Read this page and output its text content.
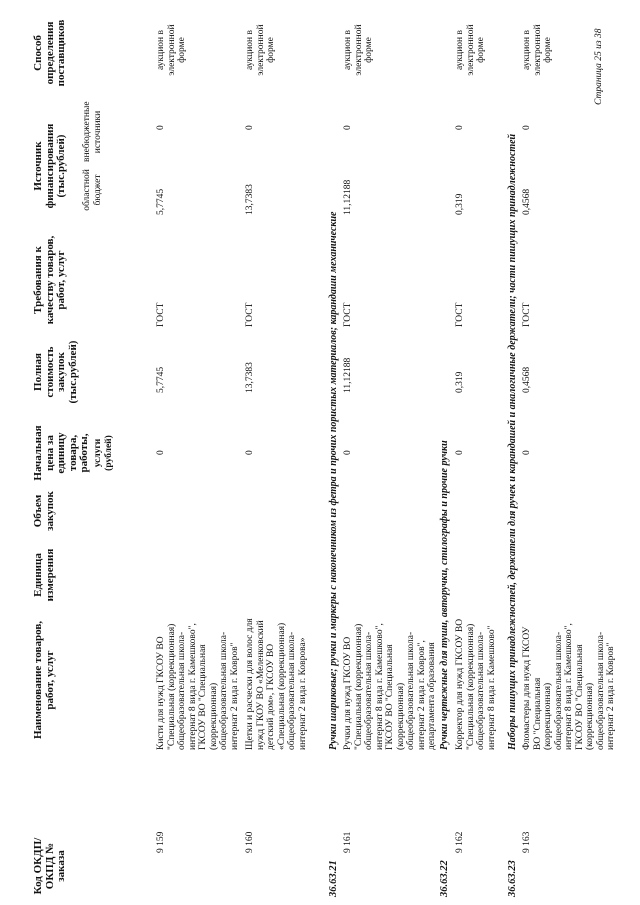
Код ОКДП/ ОКПД № заказа
Наименование товаров, работ, услуг
Единица измерения
Объем закупок
Начальная цена за единицу товара, работы, услуги (рублей)
Полная стоимость закупок (тыс.рублей)
Требования к качеству товаров, работ, услуг
Источник финансирования (тыс.рублей) областной бюджет
внебюджетные источники
Способ определения поставщиков
9 159
Кисти для нужд ГКСОУ ВО "Специальная (коррекционная) общеобразовательная школа-интернат 8 вида г. Камешково", ГКСОУ ВО "Специальная (коррекционная) общеобразовательная школа-интернат 2 вида г. Ковров"
0
5,7745
ГОСТ
5,7745
0
аукцион в электронной форме
9 160
Щетки и расчески для волос для нужд ГКОУ ВО «Меленковский детский дом», ГКСОУ ВО «Специальная (коррекционная) общеобразовательная школа-интернат 2 вида г. Коврова»
0
13,7383
ГОСТ
13,7383
0
аукцион в электронной форме
36.63.21
Ручки шариковые; ручки и маркеры с наконечником из фетра и прочих пористых материалов; карандаши механические
9 161
Ручки для нужд ГКСОУ ВО "Специальная (коррекционная) общеобразовательная школа-интернат 8 вида г. Камешково", ГКСОУ ВО "Специальная (коррекционная) общеобразовательная школа-интернат 2 вида г. Ковров", департамента образования
0
11,12188
ГОСТ
11,12188
0
аукцион в электронной форме
36.63.22
Ручки чертежные для туши, авторучки, стилографы и прочие ручки
9 162
Корректор для нужд ГКСОУ ВО "Специальная (коррекционная) общеобразовательная школа-интернат 8 вида г. Камешково"
0
0,319
ГОСТ
0,319
0
аукцион в электронной форме
36.63.23
Наборы пишущих принадлежностей, держатели для ручек и карандашей и аналогичные держатели; части пишущих принадлежностей
9 163
Фломастеры для нужд ГКСОУ ВО "Специальная (коррекционная) общеобразовательная школа-интернат 8 вида г. Камешково", ГКСОУ ВО "Специальная (коррекционная) общеобразовательная школа-интернат 2 вида г. Ковров"
0
0,4568
ГОСТ
0,4568
0
аукцион в электронной форме	Страница 25 из 38
